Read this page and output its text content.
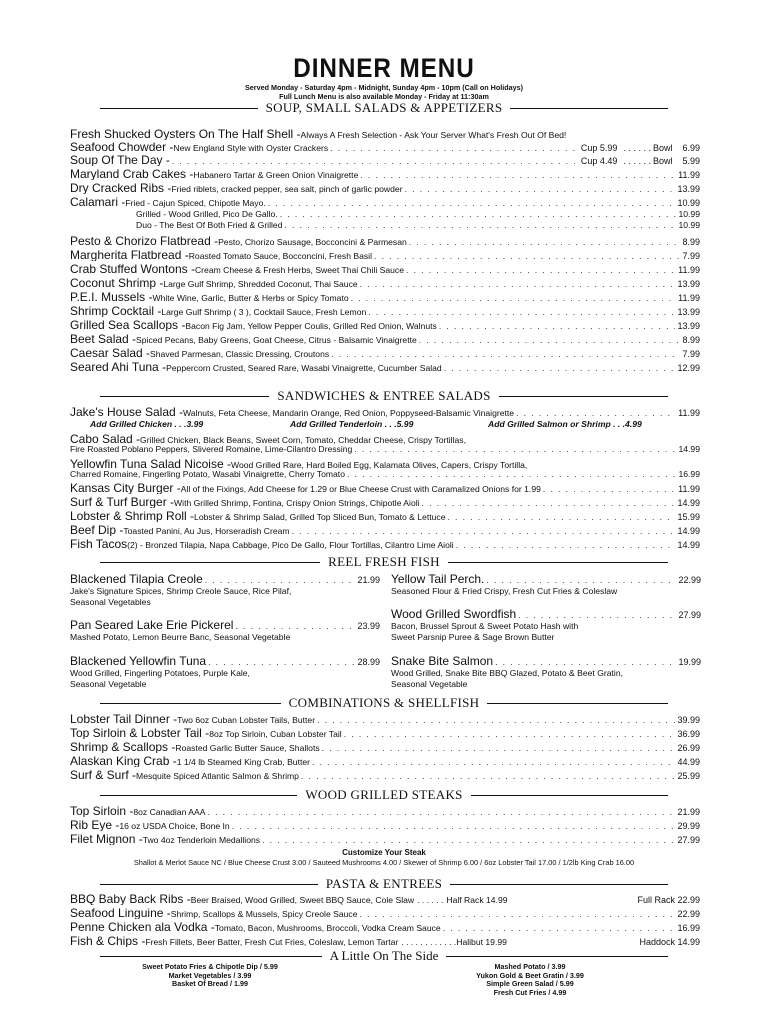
DINNER MENU
Served Monday - Saturday 4pm - Midnight, Sunday 4pm - 10pm (Call on Holidays)
Full Lunch Menu is also available Monday - Friday at 11:30am
SOUP, SMALL SALADS & APPETIZERS
Fresh Shucked Oysters On The Half Shell - Always A Fresh Selection - Ask Your Server What's Fresh Out Of Bed!
Seafood Chowder - New England Style with Oyster Crackers . . .	Cup 5.99 . . . . . . Bowl 6.99
Soup Of The Day - . . .	Cup 4.49 . . . . . . Bowl 5.99
Maryland Crab Cakes - Habanero Tartar & Green Onion Vinaigrette . . .	11.99
Dry Cracked Ribs - Fried riblets, cracked pepper, sea salt, pinch of garlic powder . . .	13.99
Calamari - Fried - Cajun Spiced, Chipotle Mayo. . . .	10.99
Grilled - Wood Grilled, Pico De Gallo. . . .	10.99
Duo - The Best Of Both Fried & Grilled . . .	10.99
Pesto & Chorizo Flatbread - Pesto, Chorizo Sausage, Bocconcini & Parmesan . . .	8.99
Margherita Flatbread - Roasted Tomato Sauce, Bocconcini, Fresh Basil . . .	7.99
Crab Stuffed Wontons - Cream Cheese & Fresh Herbs, Sweet Thai Chili Sauce . . .	11.99
Coconut Shrimp - Large Gulf Shrimp, Shredded Coconut, Thai Sauce . . .	13.99
P.E.I. Mussels - White Wine, Garlic, Butter & Herbs or Spicy Tomato . . .	11.99
Shrimp Cocktail - Large Gulf Shrimp ( 3 ), Cocktail Sauce, Fresh Lemon . . .	13.99
Grilled Sea Scallops - Bacon Fig Jam, Yellow Pepper Coulis, Grilled Red Onion, Walnuts . . .	13.99
Beet Salad - Spiced Pecans, Baby Greens, Goat Cheese, Citrus - Balsamic Vinaigrette . . .	8.99
Caesar Salad - Shaved Parmesan, Classic Dressing, Croutons . . .	7.99
Seared Ahi Tuna - Peppercorn Crusted, Seared Rare, Wasabi Vinaigrette, Cucumber Salad . . .	12.99
SANDWICHES & ENTREE SALADS
Jake's House Salad - Walnuts, Feta Cheese, Mandarin Orange, Red Onion, Poppyseed-Balsamic Vinaigrette . . .	11.99
Add Grilled Chicken . . .3.99	Add Grilled Tenderloin . . .5.99	Add Grilled Salmon or Shrimp . . .4.99
Cabo Salad - Grilled Chicken, Black Beans, Sweet Corn, Tomato, Cheddar Cheese, Crispy Tortillas,
Fire Roasted Poblano Peppers, Slivered Romaine, Lime-Cilantro Dressing . . .	14.99
Yellowfin Tuna Salad Nicoise - Wood Grilled Rare, Hard Boiled Egg, Kalamata Olives, Capers, Crispy Tortilla,
Charred Romaine, Fingerling Potato, Wasabi Vinaigrette, Cherry Tomato . . .	16.99
Kansas City Burger - All of the Fixings, Add Cheese for 1.29 or Blue Cheese Crust with Caramalized Onions for 1.99 . . .	11.99
Surf & Turf Burger - With Grilled Shrimp, Fontina, Crispy Onion Strings, Chipotle Aioli . . .	14.99
Lobster & Shrimp Roll - Lobster & Shrimp Salad, Grilled Top Sliced Bun, Tomato & Lettuce . . .	15.99
Beef Dip - Toasted Panini, Au Jus, Horseradish Cream . . .	14.99
Fish Tacos (2) - Bronzed Tilapia, Napa Cabbage, Pico De Gallo, Flour Tortillas, Cilantro Lime Aioli . . .	14.99
REEL FRESH FISH
Blackened Tilapia Creole . . .	21.99
Jake's Signature Spices, Shrimp Creole Sauce, Rice Pilaf,
Seasonal Vegetables
Pan Seared Lake Erie Pickerel . . .	23.99
Mashed Potato, Lemon Beurre Banc, Seasonal Vegetable
Blackened Yellowfin Tuna . . .	28.99
Wood Grilled, Fingerling Potatoes, Purple Kale,
Seasonal Vegetable
Yellow Tail Perch. . . .	22.99
Seasoned Flour & Fried Crispy, Fresh Cut Fries & Coleslaw
Wood Grilled Swordfish . . .	27.99
Bacon, Brussel Sprout & Sweet Potato Hash with
Sweet Parsnip Puree & Sage Brown Butter
Snake Bite Salmon . . .	19.99
Wood Grilled, Snake Bite BBQ Glazed, Potato & Beet Gratin,
Seasonal Vegetable
COMBINATIONS & SHELLFISH
Lobster Tail Dinner - Two 6oz Cuban Lobster Tails, Butter . . .	39.99
Top Sirloin & Lobster Tail - 8oz Top Sirloin, Cuban Lobster Tail . . .	36.99
Shrimp & Scallops - Roasted Garlic Butter Sauce, Shallots . . .	26.99
Alaskan King Crab - 1 1/4 lb Steamed King Crab, Butter . . .	44.99
Surf & Surf - Mesquite Spiced Atlantic Salmon & Shrimp . . .	25.99
WOOD GRILLED STEAKS
Top Sirloin - 8oz Canadian AAA . . .	21.99
Rib Eye - 16 oz USDA Choice, Bone In . . .	29.99
Filet Mignon - Two 4oz Tenderloin Medallions . . .	27.99
Customize Your Steak
Shallot & Merlot Sauce NC / Blue Cheese Crust 3.00 / Sauteed Mushrooms 4.00 / Skewer of Shrimp 6.00 / 6oz Lobster Tail 17.00 / 1/2lb King Crab 16.00
PASTA & ENTREES
BBQ Baby Back Ribs - Beer Braised, Wood Grilled, Sweet BBQ Sauce, Cole Slaw . . . . . . Half Rack 14.99	Full Rack 22.99
Seafood Linguine - Shrimp, Scallops & Mussels, Spicy Creole Sauce . . .	22.99
Penne Chicken ala Vodka - Tomato, Bacon, Mushrooms, Broccoli, Vodka Cream Sauce . . .	16.99
Fish & Chips - Fresh Fillets, Beer Batter, Fresh Cut Fries, Coleslaw, Lemon Tartar . . . . . . . . . . . . Halibut 19.99	Haddock 14.99
A Little On The Side
Sweet Potato Fries & Chipotle Dip / 5.99
Market Vegetables / 3.99
Basket Of Bread / 1.99
Mashed Potato / 3.99
Yukon Gold & Beet Gratin / 3.99
Simple Green Salad / 5.99
Fresh Cut Fries / 4.99
